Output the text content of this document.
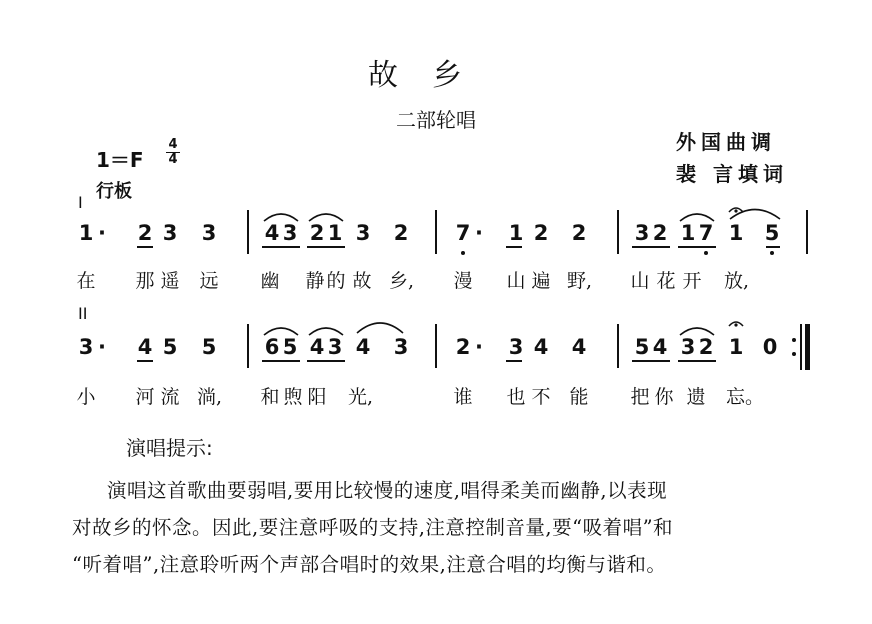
故　乡
二部轮唱
外国曲调
裴 言填词
1＝F
4
4
行板
I
II
1 · 2 3 3 4 3 2 1 3 2 7 · 1 2 2 3 2 1 7 1 5
在 那 遥 远 幽 静 的 故 乡, 漫 山 遍 野, 山 花 开 放,
3 · 4 5 5 6 5 4 3 4 3 2 · 3 4 4 5 4 3 2 1 0
小 河 流 淌, 和 煦 阳 光,	谁 也 不 能 把 你 遗 忘。
演唱提示:
演唱这首歌曲要弱唱,要用比较慢的速度,唱得柔美而幽静,以表现
对故乡的怀念。因此,要注意呼吸的支持,注意控制音量,要“吸着唱”和
“听着唱”,注意聆听两个声部合唱时的效果,注意合唱的均衡与谐和。
